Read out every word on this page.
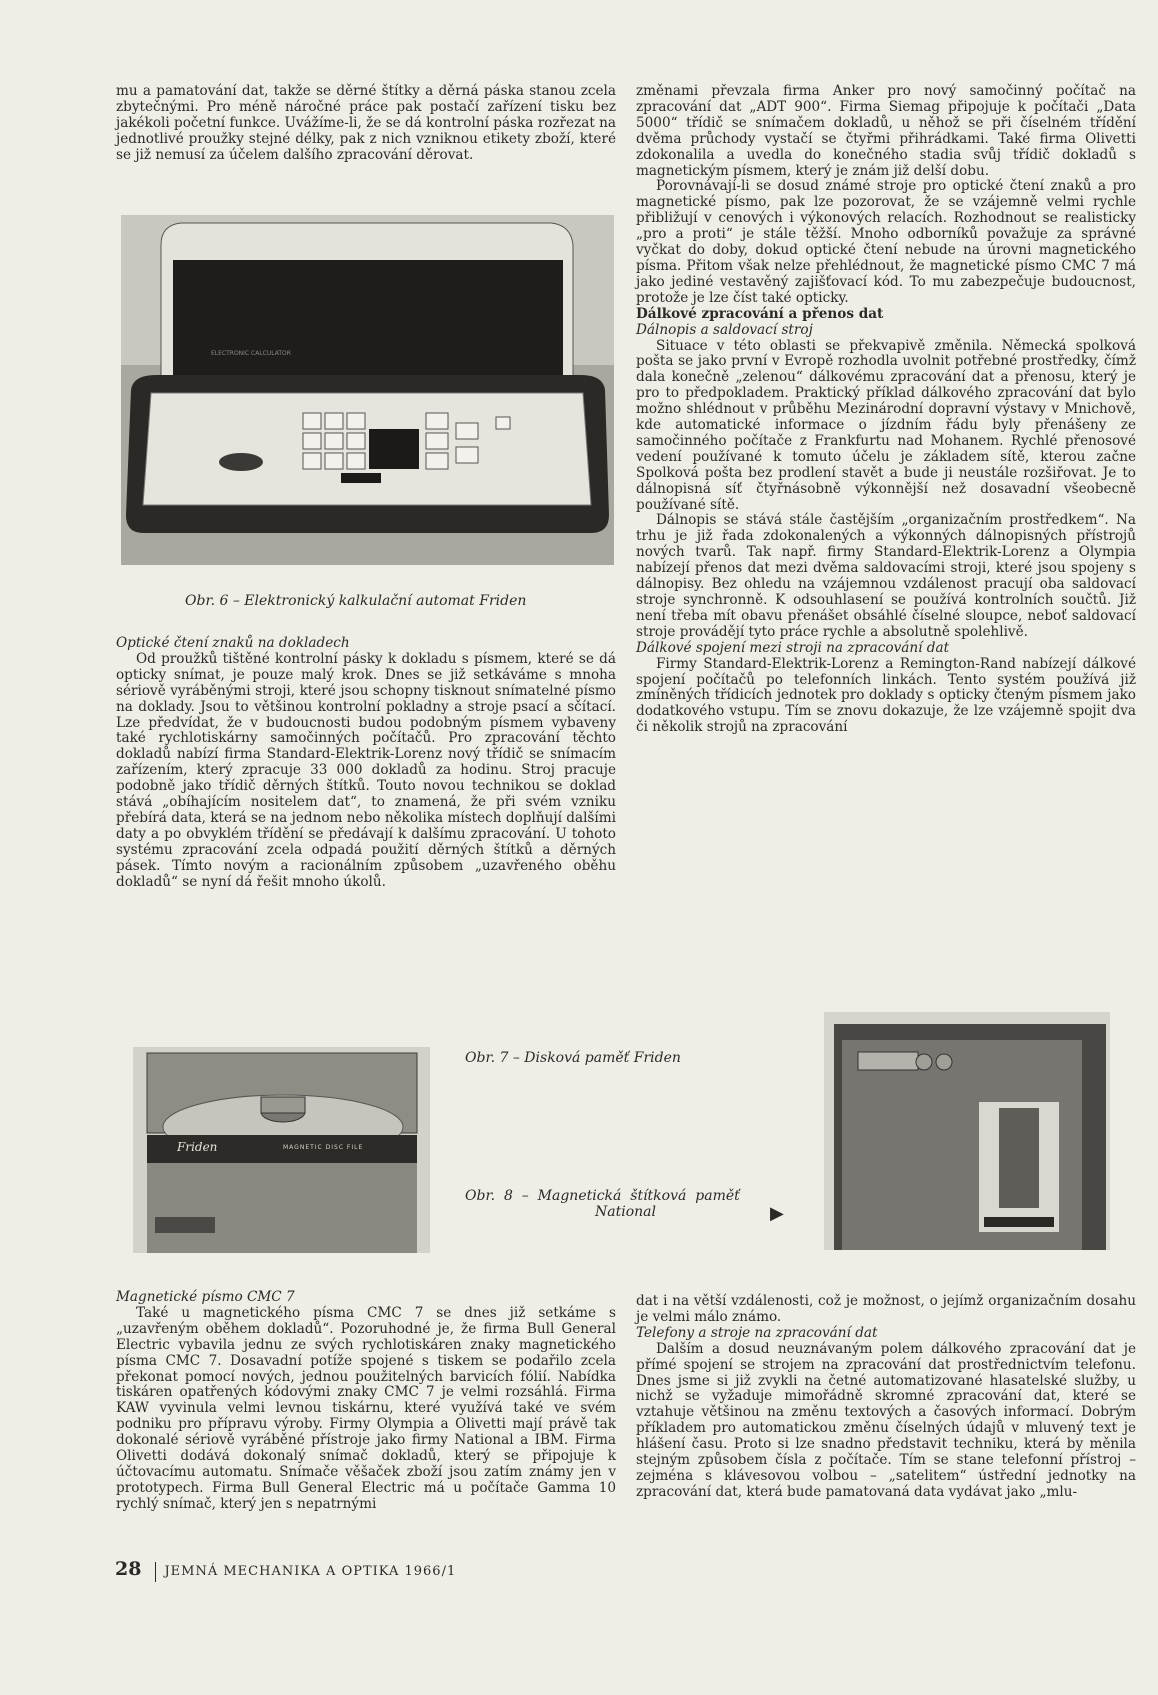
mu a pamatování dat, takže se děrné štítky a děrná páska stanou zcela zbytečnými. Pro méně náročné práce pak postačí zařízení tisku bez jakékoli početní funkce. Uvážíme-li, že se dá kontrolní páska rozřezat na jednotlivé proužky stejné délky, pak z nich vzniknou etikety zboží, které se již nemusí za účelem dalšího zpracování děrovat.

ELECTRONIC CALCULATOR
Obr. 6 – Elektronický kalkulační automat Friden

Optické čtení znaků na dokladech

Od proužků tištěné kontrolní pásky k dokladu s písmem, které se dá opticky snímat, je pouze malý krok. Dnes se již setkáváme s mnoha sériově vyráběnými stroji, které jsou schopny tisknout snímatelné písmo na doklady. Jsou to většinou kontrolní pokladny a stroje psací a sčítací. Lze předvídat, že v budoucnosti budou podobným písmem vybaveny také rychlotiskárny samočinných počítačů. Pro zpracování těchto dokladů nabízí firma Standard-Elektrik-Lorenz nový třídič se snímacím zařízením, který zpracuje 33 000 dokladů za hodinu. Stroj pracuje podobně jako třídič děrných štítků. Touto novou technikou se doklad stává „obíhajícím nositelem dat“, to znamená, že při svém vzniku přebírá data, která se na jednom nebo několika místech doplňují dalšími daty a po obvyklém třídění se předávají k dalšímu zpracování. U tohoto systému zpracování zcela odpadá použití děrných štítků a děrných pásek. Tímto novým a racionálním způsobem „uzavřeného oběhu dokladů“ se nyní dá řešit mnoho úkolů.

změnami převzala firma Anker pro nový samočinný počítač na zpracování dat „ADT 900“. Firma Siemag připojuje k počítači „Data 5000“ třídič se snímačem dokladů, u něhož se při číselném třídění dvěma průchody vystačí se čtyřmi přihrádkami. Také firma Olivetti zdokonalila a uvedla do konečného stadia svůj třídič dokladů s magnetickým písmem, který je znám již delší dobu.

Porovnávají-li se dosud známé stroje pro optické čtení znaků a pro magnetické písmo, pak lze pozorovat, že se vzájemně velmi rychle přibližují v cenových i výkonových relacích. Rozhodnout se realisticky „pro a proti“ je stále těžší. Mnoho odborníků považuje za správné vyčkat do doby, dokud optické čtení nebude na úrovni magnetického písma. Přitom však nelze přehlédnout, že magnetické písmo CMC 7 má jako jediné vestavěný zajišťovací kód. To mu zabezpečuje budoucnost, protože je lze číst také opticky.

Dálkové zpracování a přenos dat

Dálnopis a saldovací stroj

Situace v této oblasti se překvapivě změnila. Německá spolková pošta se jako první v Evropě rozhodla uvolnit potřebné prostředky, čímž dala konečně „zelenou“ dálkovému zpracování dat a přenosu, který je pro to předpokladem. Praktický příklad dálkového zpracování dat bylo možno shlédnout v průběhu Mezinárodní dopravní výstavy v Mnichově, kde automatické informace o jízdním řádu byly přenášeny ze samočinného počítače z Frankfurtu nad Mohanem. Rychlé přenosové vedení používané k tomuto účelu je základem sítě, kterou začne Spolková pošta bez prodlení stavět a bude ji neustále rozšiřovat. Je to dálnopisná síť čtyřnásobně výkonnější než dosavadní všeobecně používané sítě.

Dálnopis se stává stále častějším „organizačním prostředkem“. Na trhu je již řada zdokonalených a výkonných dálnopisných přístrojů nových tvarů. Tak např. firmy Standard-Elektrik-Lorenz a Olympia nabízejí přenos dat mezi dvěma saldovacími stroji, které jsou spojeny s dálnopisy. Bez ohledu na vzájemnou vzdálenost pracují oba saldovací stroje synchronně. K odsouhlasení se používá kontrolních součtů. Již není třeba mít obavu přenášet obsáhlé číselné sloupce, neboť saldovací stroje provádějí tyto práce rychle a absolutně spolehlivě.

Dálkové spojení mezi stroji na zpracování dat

Firmy Standard-Elektrik-Lorenz a Remington-Rand nabízejí dálkové spojení počítačů po telefonních linkách. Tento systém používá již zmíněných třídicích jednotek pro doklady s opticky čteným písmem jako dodatkového vstupu. Tím se znovu dokazuje, že lze vzájemně spojit dva či několik strojů na zpracování

Friden	MAGNETIC DISC FILE
Obr. 7 – Disková paměť Friden
Obr.  8  –  Magnetická  štítková  paměť
National	▶

Magnetické písmo CMC 7

Také u magnetického písma CMC 7 se dnes již setkáme s „uzavřeným oběhem dokladů“. Pozoruhodné je, že firma Bull General Electric vybavila jednu ze svých rychlotiskáren znaky magnetického písma CMC 7. Dosavadní potíže spojené s tiskem se podařilo zcela překonat pomocí nových, jednou použitelných barvicích fólií. Nabídka tiskáren opatřených kódovými znaky CMC 7 je velmi rozsáhlá. Firma KAW vyvinula velmi levnou tiskárnu, které využívá také ve svém podniku pro přípravu výroby. Firmy Olympia a Olivetti mají právě tak dokonalé sériově vyráběné přístroje jako firmy National a IBM. Firma Olivetti dodává dokonalý snímač dokladů, který se připojuje k účtovacímu automatu. Snímače věšaček zboží jsou zatím známy jen v prototypech. Firma Bull General Electric má u počítače Gamma 10 rychlý snímač, který jen s nepatrnými

dat i na větší vzdálenosti, což je možnost, o jejímž organizačním dosahu je velmi málo známo.

Telefony a stroje na zpracování dat

Dalším a dosud neuznávaným polem dálkového zpracování dat je přímé spojení se strojem na zpracování dat prostřednictvím telefonu. Dnes jsme si již zvykli na četné automatizované hlasatelské služby, u nichž se vyžaduje mimořádně skromné zpracování dat, které se vztahuje většinou na změnu textových a časových informací. Dobrým příkladem pro automatickou změnu číselných údajů v mluvený text je hlášení času. Proto si lze snadno představit techniku, která by měnila stejným způsobem čísla z počítače. Tím se stane telefonní přístroj – zejména s klávesovou volbou – „satelitem“ ústřední jednotky na zpracování dat, která bude pamatovaná data vydávat jako „mlu-

28 JEMNÁ MECHANIKA A OPTIKA 1966/1
